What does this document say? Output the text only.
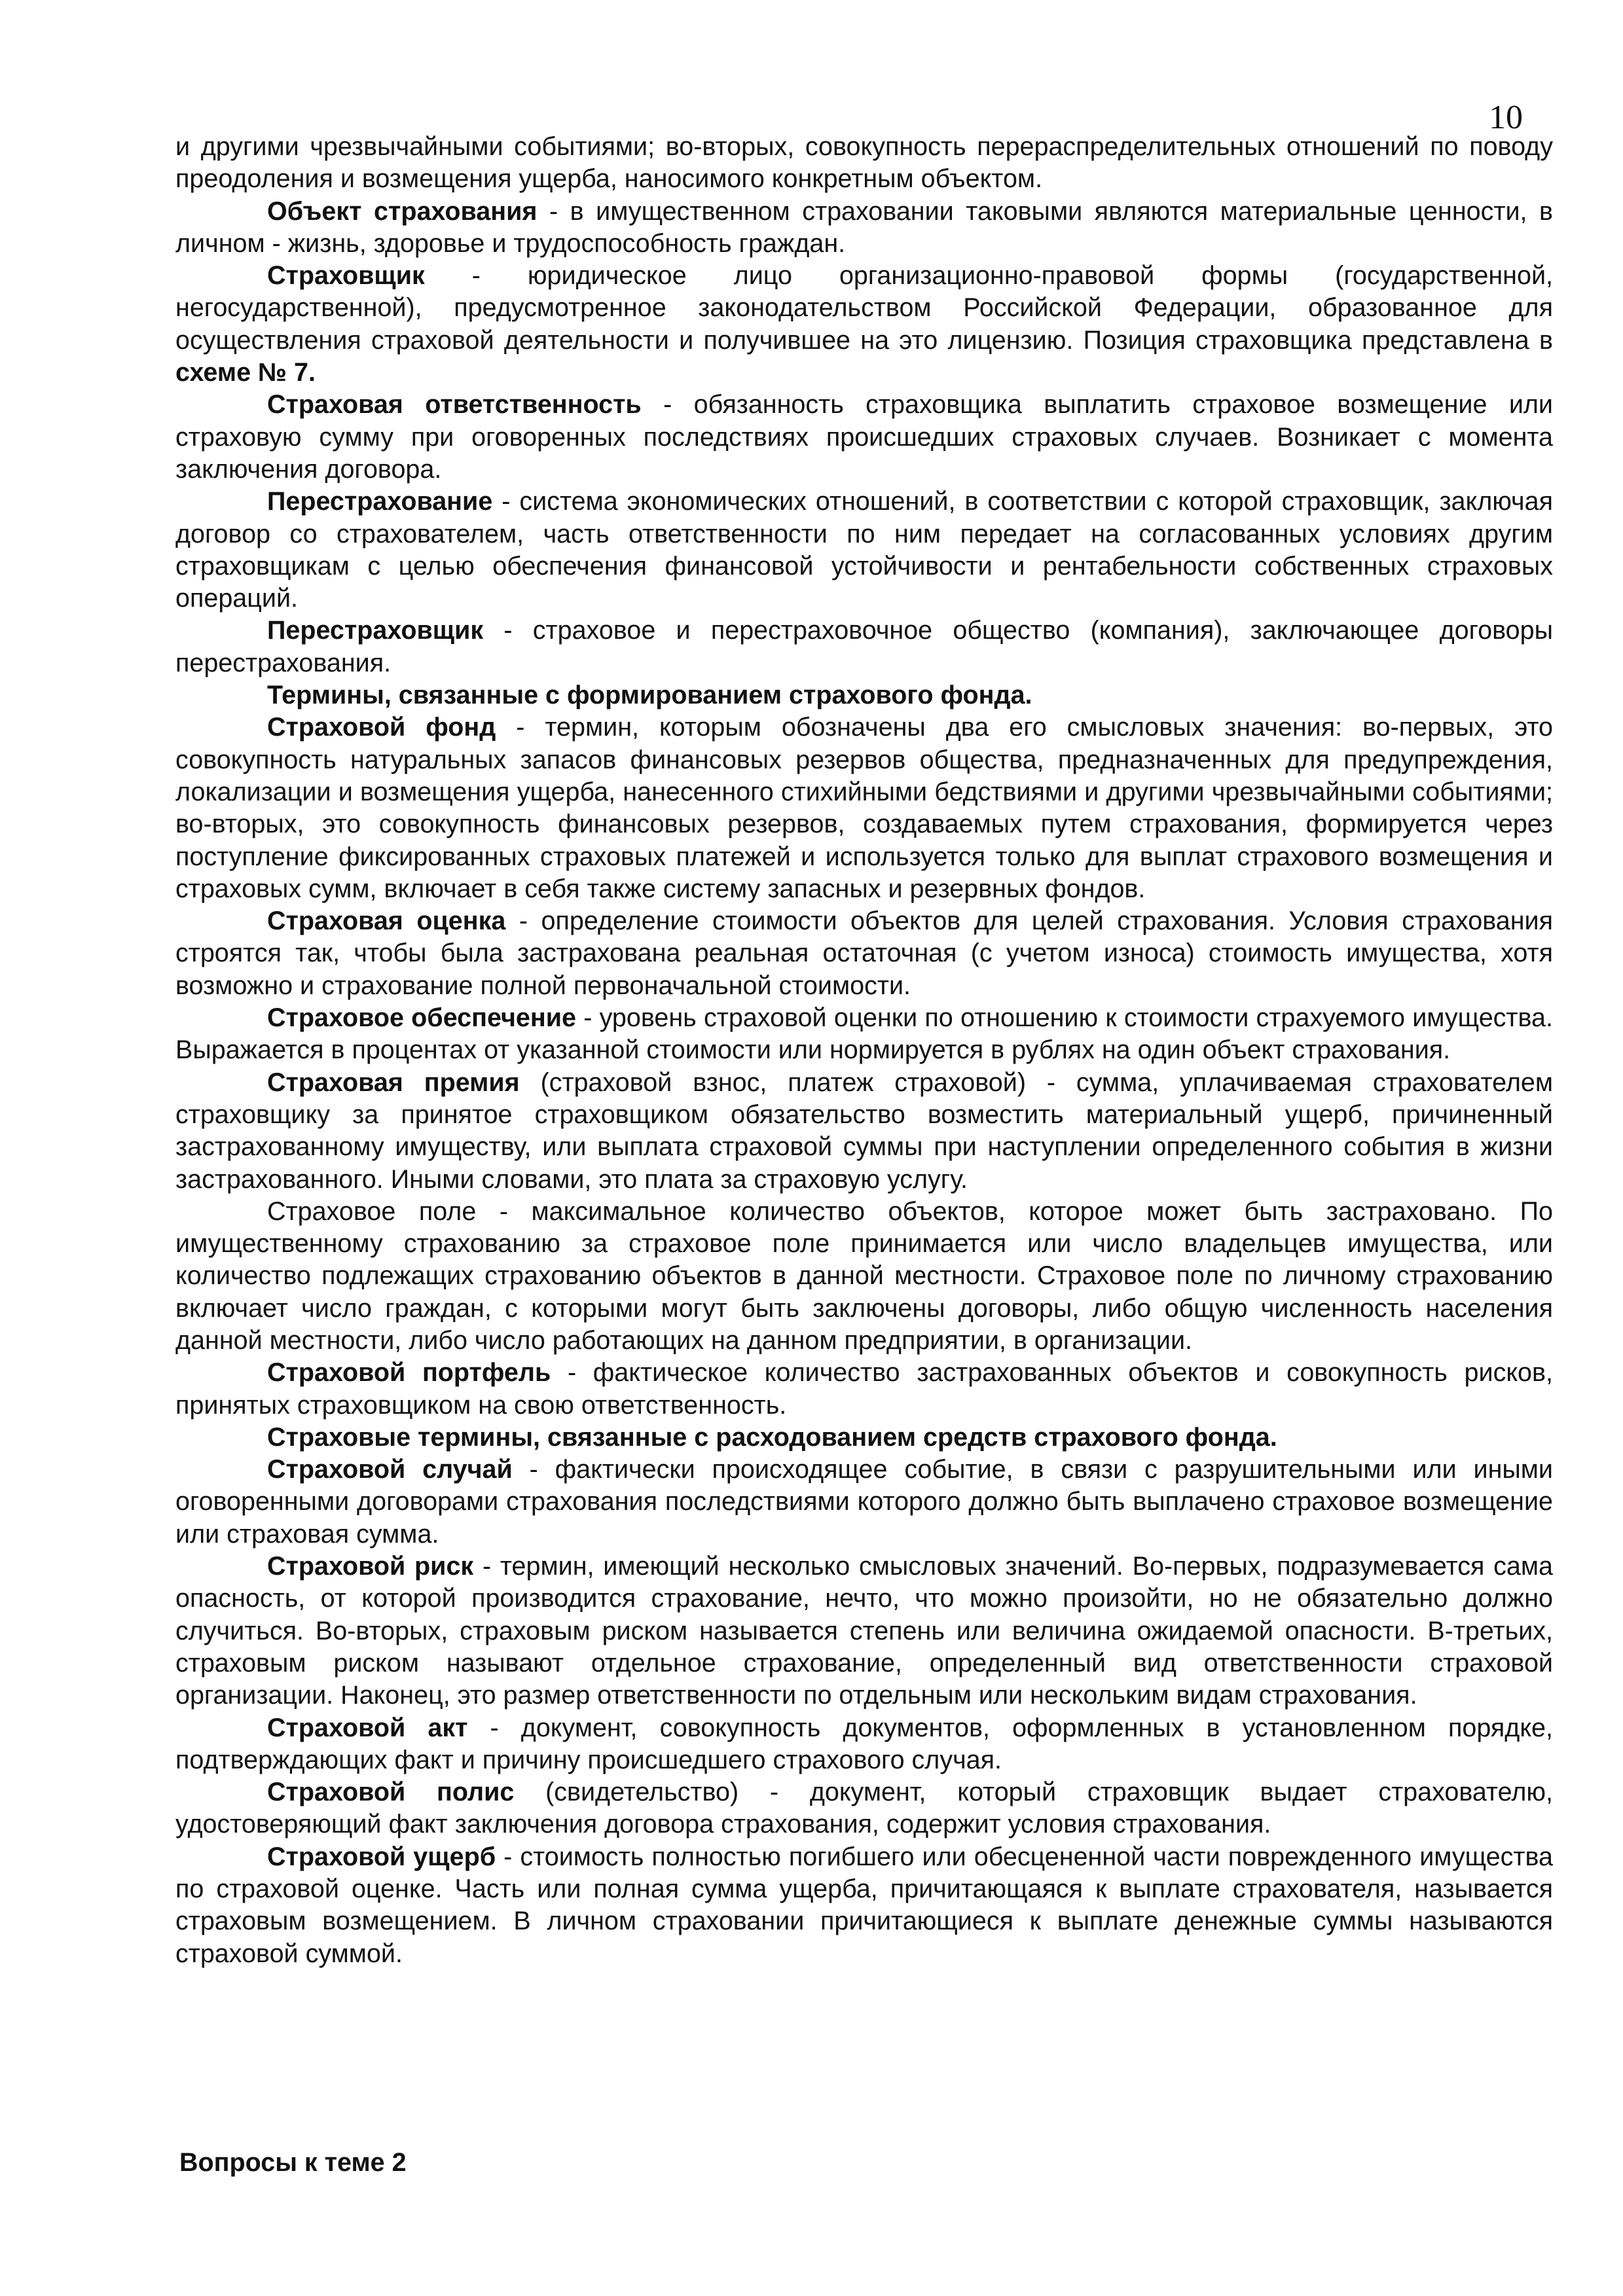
10

и другими чрезвычайными событиями; во-вторых, совокупность перераспределительных отношений по поводу преодоления и возмещения ущерба, наносимого конкретным объектом.

Объект страхования - в имущественном страховании таковыми являются материальные ценности, в личном - жизнь, здоровье и трудоспособность граждан.

Страховщик - юридическое лицо организационно-правовой формы (государственной, негосударственной), предусмотренное законодательством Российской Федерации, образованное для осуществления страховой деятельности и получившее на это лицензию. Позиция страховщика представлена в схеме № 7.

Страховая ответственность - обязанность страховщика выплатить страховое возмещение или страховую сумму при оговоренных последствиях происшедших страховых случаев. Возникает с момента заключения договора.

Перестрахование - система экономических отношений, в соответствии с которой страховщик, заключая договор со страхователем, часть ответственности по ним передает на согласованных условиях другим страховщикам с целью обеспечения финансовой устойчивости и рентабельности собственных страховых операций.

Перестраховщик - страховое и перестраховочное общество (компания), заключающее договоры перестрахования.

Термины, связанные с формированием страхового фонда.

Страховой фонд - термин, которым обозначены два его смысловых значения: во-первых, это совокупность натуральных запасов финансовых резервов общества, предназначенных для предупреждения, локализации и возмещения ущерба, нанесенного стихийными бедствиями и другими чрезвычайными событиями; во-вторых, это совокупность финансовых резервов, создаваемых путем страхования, формируется через поступление фиксированных страховых платежей и используется только для выплат страхового возмещения и страховых сумм, включает в себя также систему запасных и резервных фондов.

Страховая оценка - определение стоимости объектов для целей страхования. Условия страхования строятся так, чтобы была застрахована реальная остаточная (с учетом износа) стоимость имущества, хотя возможно и страхование полной первоначальной стоимости.

Страховое обеспечение - уровень страховой оценки по отношению к стоимости страхуемого имущества. Выражается в процентах от указанной стоимости или нормируется в рублях на один объект страхования.

Страховая премия (страховой взнос, платеж страховой) - сумма, уплачиваемая страхователем страховщику за принятое страховщиком обязательство возместить материальный ущерб, причиненный застрахованному имуществу, или выплата страховой суммы при наступлении определенного события в жизни застрахованного. Иными словами, это плата за страховую услугу.

Страховое поле - максимальное количество объектов, которое может быть застраховано. По имущественному страхованию за страховое поле принимается или число владельцев имущества, или количество подлежащих страхованию объектов в данной местности. Страховое поле по личному страхованию включает число граждан, с которыми могут быть заключены договоры, либо общую численность населения данной местности, либо число работающих на данном предприятии, в организации.

Страховой портфель - фактическое количество застрахованных объектов и совокупность рисков, принятых страховщиком на свою ответственность.

Страховые термины, связанные с расходованием средств страхового фонда.

Страховой случай - фактически происходящее событие, в связи с разрушительными или иными оговоренными договорами страхования последствиями которого должно быть выплачено страховое возмещение или страховая сумма.

Страховой риск - термин, имеющий несколько смысловых значений. Во-первых, подразумевается сама опасность, от которой производится страхование, нечто, что можно произойти, но не обязательно должно случиться. Во-вторых, страховым риском называется степень или величина ожидаемой опасности. В-третьих, страховым риском называют отдельное страхование, определенный вид ответственности страховой организации. Наконец, это размер ответственности по отдельным или нескольким видам страхования.

Страховой акт - документ, совокупность документов, оформленных в установленном порядке, подтверждающих факт и причину происшедшего страхового случая.

Страховой полис (свидетельство) - документ, который страховщик выдает страхователю, удостоверяющий факт заключения договора страхования, содержит условия страхования.

Страховой ущерб - стоимость полностью погибшего или обесцененной части поврежденного имущества по страховой оценке. Часть или полная сумма ущерба, причитающаяся к выплате страхователя, называется страховым возмещением. В личном страховании причитающиеся к выплате денежные суммы называются страховой суммой.

Вопросы к теме 2
